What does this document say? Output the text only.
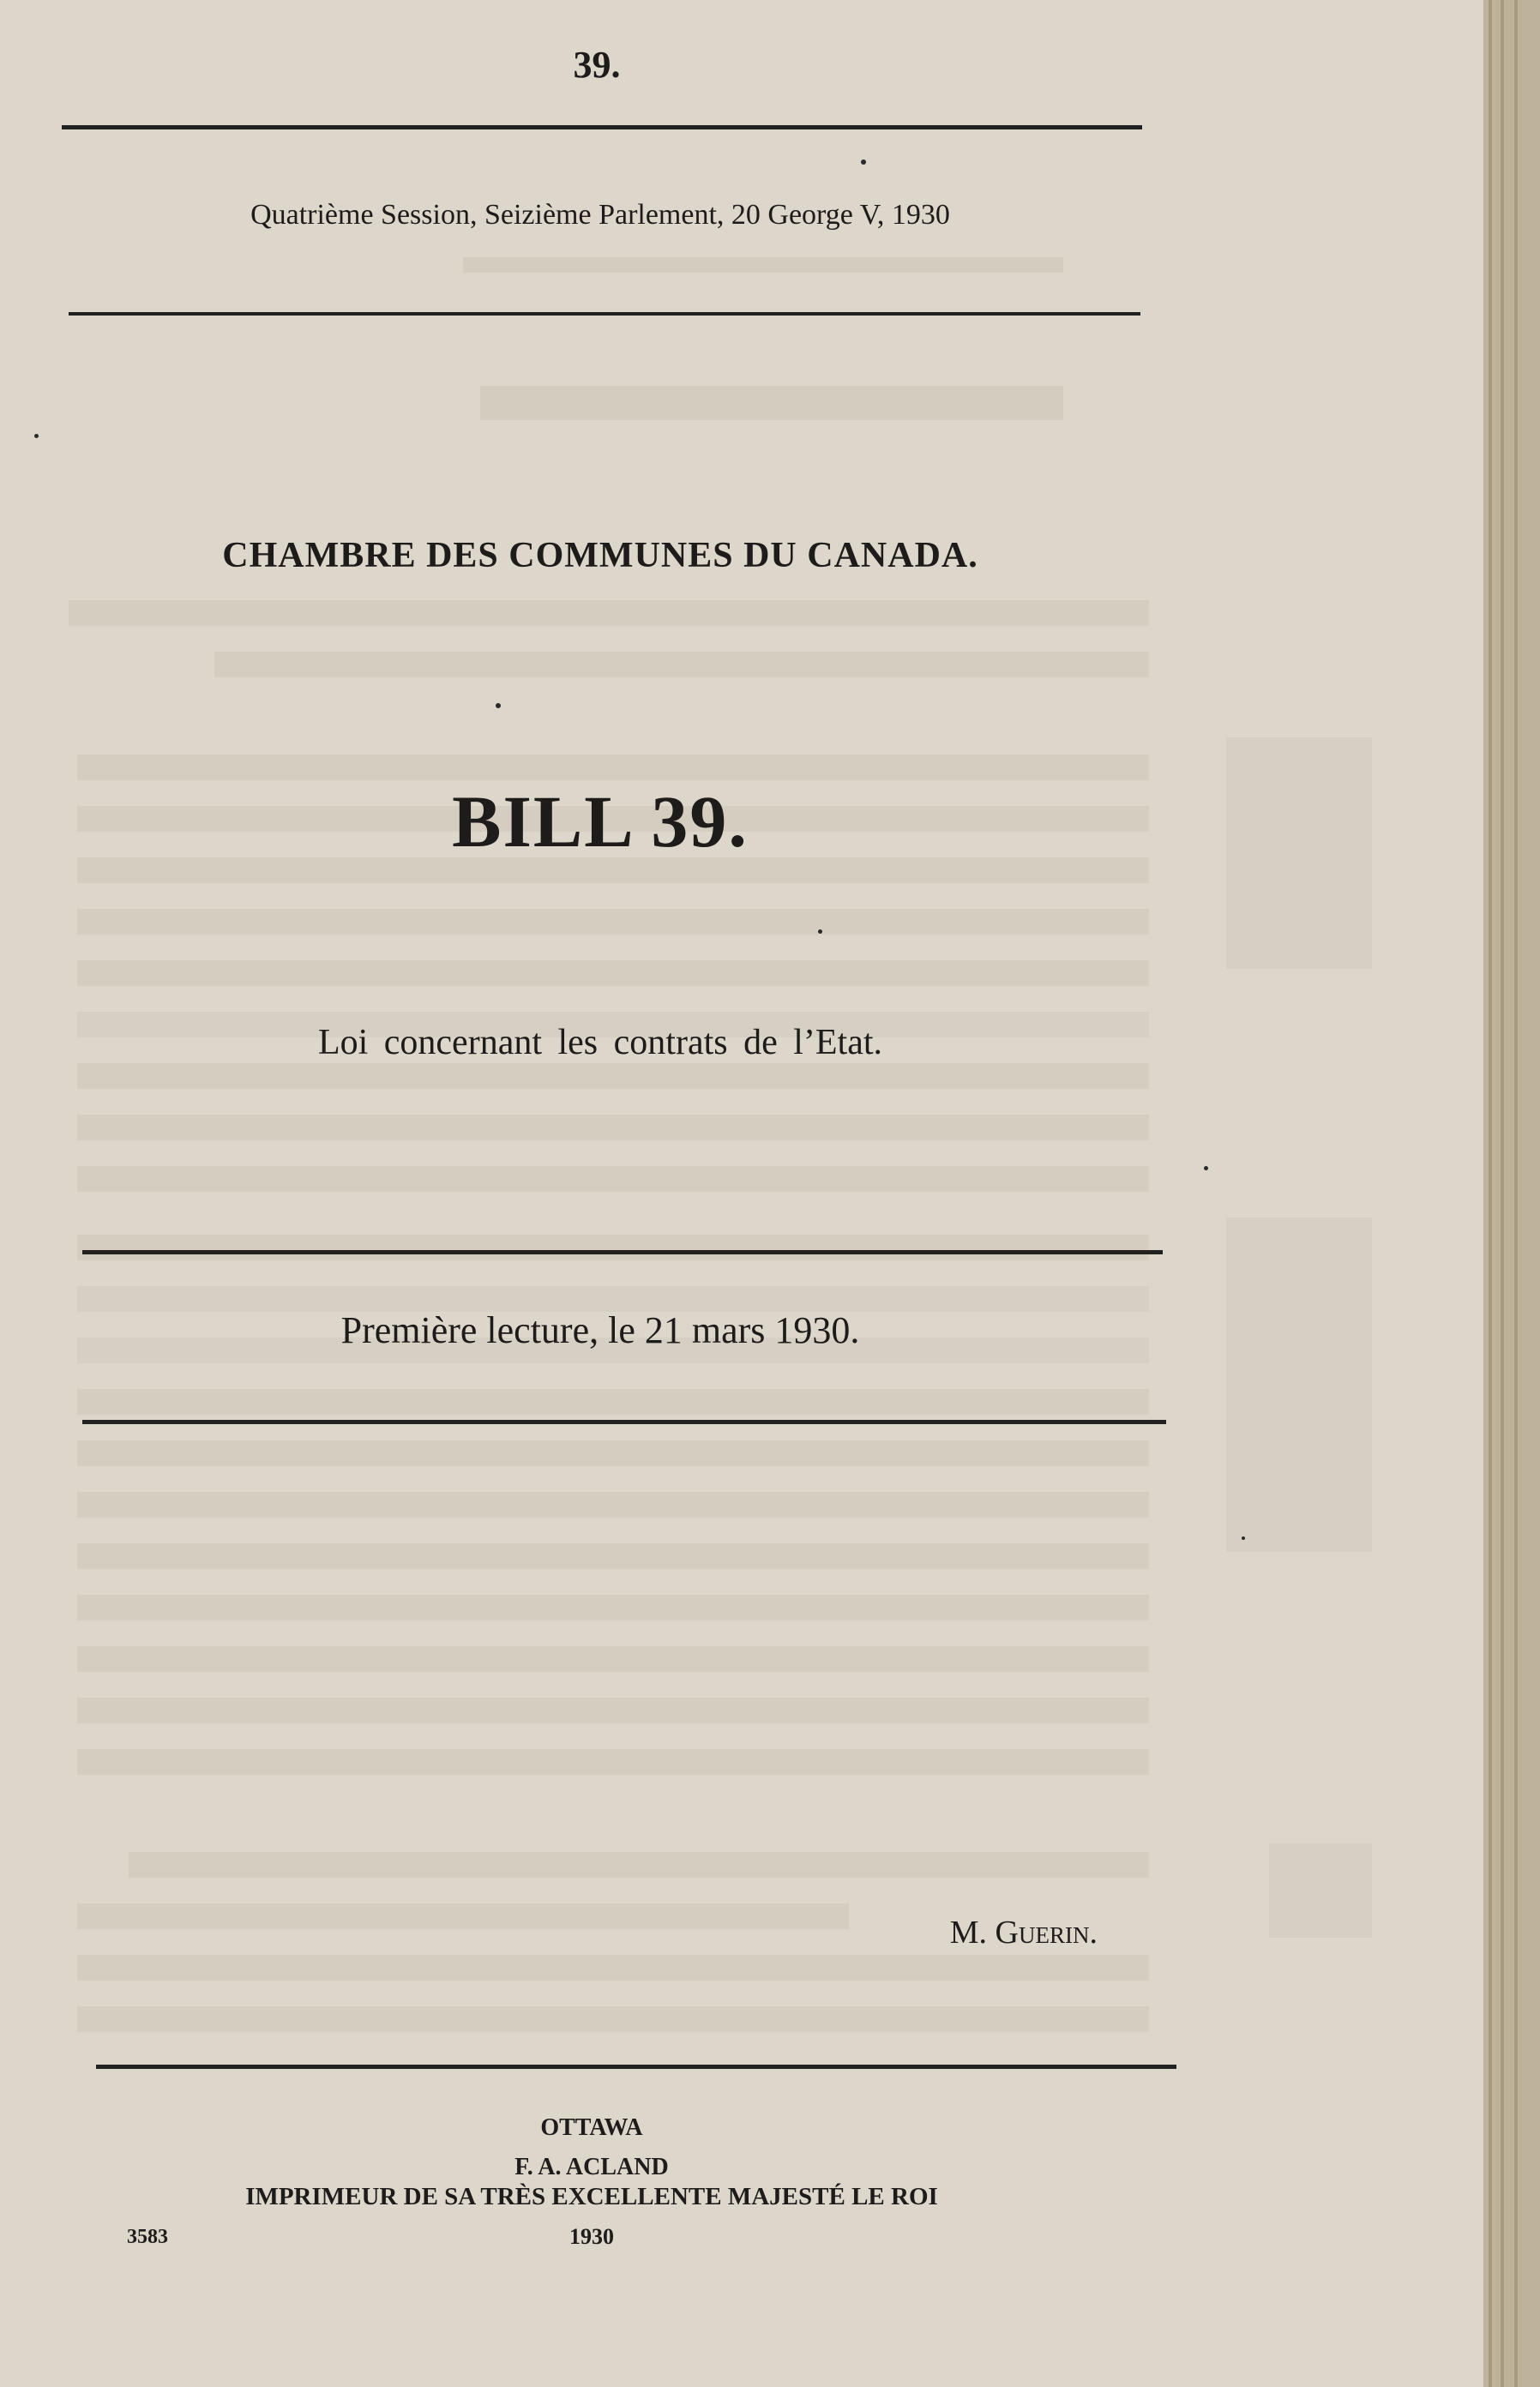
39.
Quatrième Session, Seizième Parlement, 20 George V, 1930
CHAMBRE DES COMMUNES DU CANADA.
BILL 39.
Loi concernant les contrats de l’Etat.
Première lecture, le 21 mars 1930.
M. Guerin.
OTTAWA
F. A. ACLAND
IMPRIMEUR DE SA TRÈS EXCELLENTE MAJESTÉ LE ROI
1930
3583
